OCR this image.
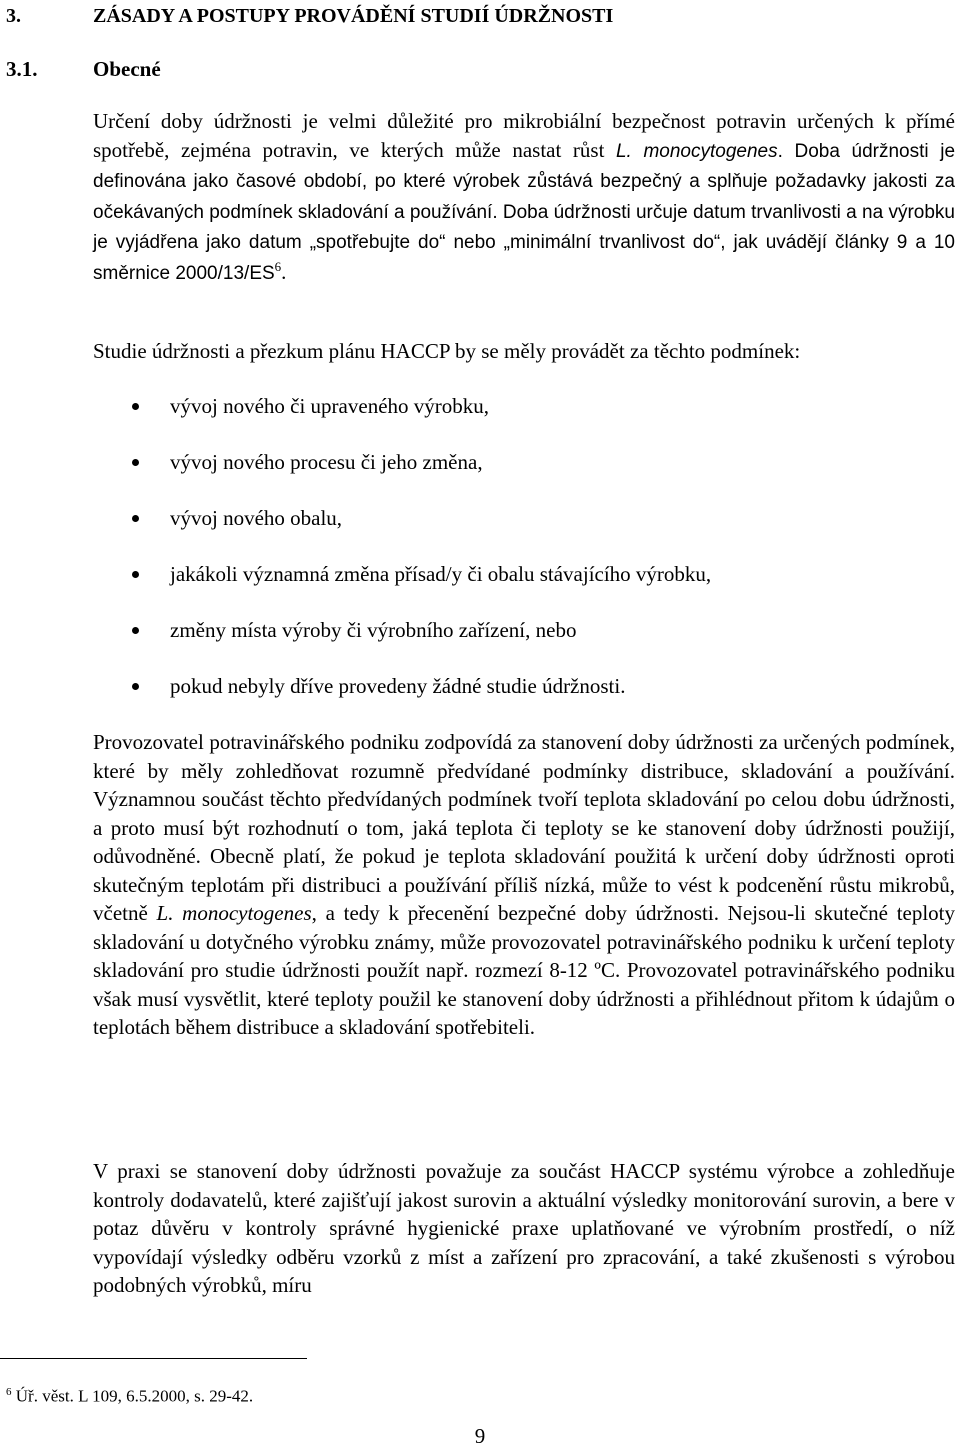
3.	ZÁSADY A POSTUPY PROVÁDĚNÍ STUDIÍ ÚDRŽNOSTI
3.1.	Obecné
Určení doby údržnosti je velmi důležité pro mikrobiální bezpečnost potravin určených k přímé spotřebě, zejména potravin, ve kterých může nastat růst L. monocytogenes. Doba údržnosti je definována jako časové období, po které výrobek zůstává bezpečný a splňuje požadavky jakosti za očekávaných podmínek skladování a používání. Doba údržnosti určuje datum trvanlivosti a na výrobku je vyjádřena jako datum „spotřebujte do“ nebo „minimální trvanlivost do“, jak uvádějí články 9 a 10 směrnice $2000/13/ES^6$.
Studie údržnosti a přezkum plánu HACCP by se měly provádět za těchto podmínek:
vývoj nového či upraveného výrobku,
vývoj nového procesu či jeho změna,
vývoj nového obalu,
jakákoli významná změna přísad/y či obalu stávajícího výrobku,
změny místa výroby či výrobního zařízení, nebo
pokud nebyly dříve provedeny žádné studie údržnosti.
Provozovatel potravinářského podniku zodpovídá za stanovení doby údržnosti za určených podmínek, které by měly zohledňovat rozumně předvídané podmínky distribuce, skladování a používání. Významnou součást těchto předvídaných podmínek tvoří teplota skladování po celou dobu údržnosti, a proto musí být rozhodnutí o tom, jaká teplota či teploty se ke stanovení doby údržnosti použijí, odůvodněné. Obecně platí, že pokud je teplota skladování použitá k určení doby údržnosti oproti skutečným teplotám při distribuci a používání příliš nízká, může to vést k podcenění růstu mikrobů, včetně L. monocytogenes, a tedy k přecenění bezpečné doby údržnosti. Nejsou-li skutečné teploty skladování u dotyčného výrobku známy, může provozovatel potravinářského podniku k určení teploty skladování pro studie údržnosti použít např. rozmezí 8-12 ºC. Provozovatel potravinářského podniku však musí vysvětlit, které teploty použil ke stanovení doby údržnosti a přihlédnout přitom k údajům o teplotách během distribuce a skladování spotřebiteli.
V praxi se stanovení doby údržnosti považuje za součást HACCP systému výrobce a zohledňuje kontroly dodavatelů, které zajišťují jakost surovin a aktuální výsledky monitorování surovin, a bere v potaz důvěru v kontroly správné hygienické praxe uplatňované ve výrobním prostředí, o níž vypovídají výsledky odběru vzorků z míst a zařízení pro zpracování, a také zkušenosti s výrobou podobných výrobků, míru
$^6$ Úř. věst. L 109, 6.5.2000, s. 29-42.
9
